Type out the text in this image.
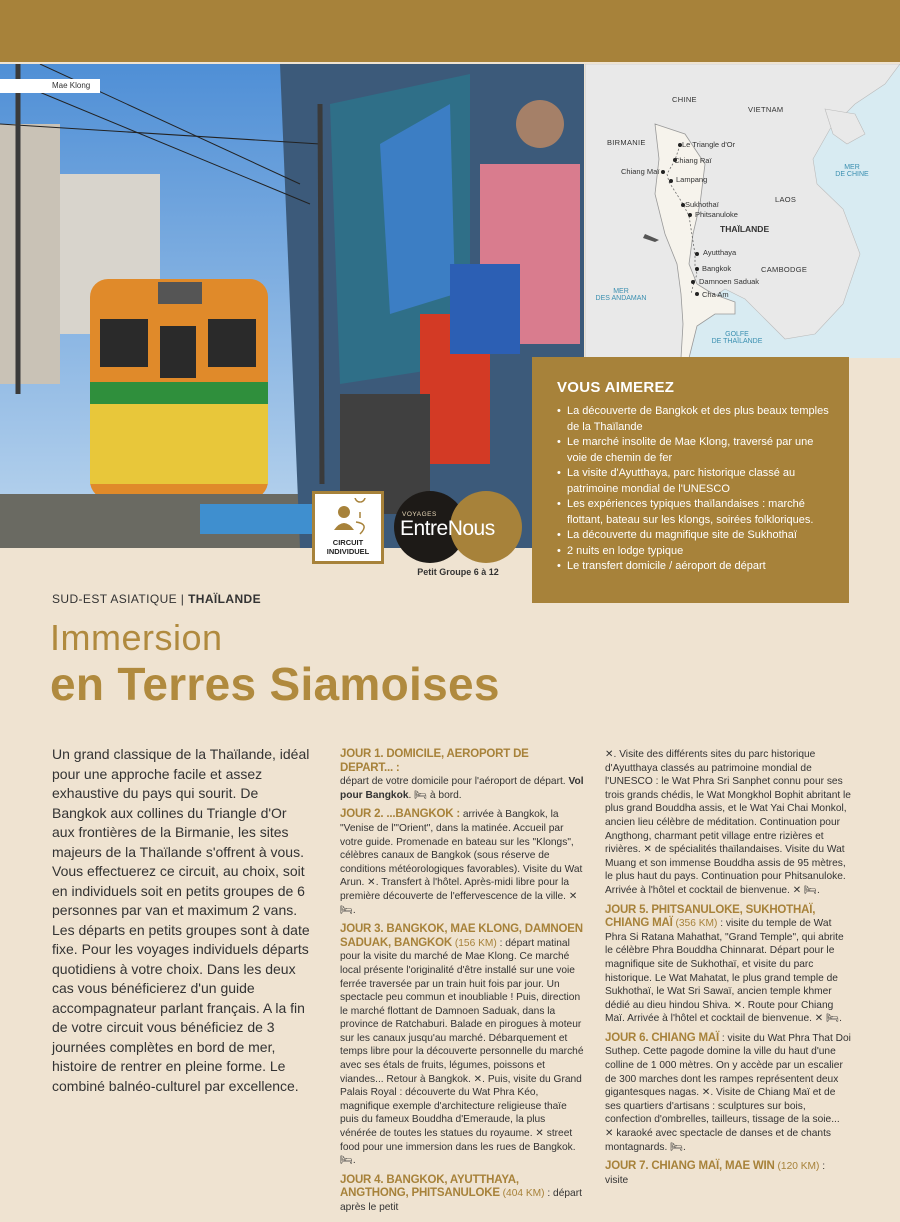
Mae Klong
CHINE
VIETNAM
BIRMANIE
LAOS
THAÏLANDE
CAMBODGE
MER
DE CHINE
MER
DES ANDAMAN
GOLFE
DE THAÏLANDE
Le Triangle d'Or
Chiang Raï
Chiang Maï
Lampang
Sukhothaï
Phitsanuloke
Ayutthaya
Bangkok
Damnoen Saduak
Cha Am
VOUS AIMEREZ
• La découverte de Bangkok et des plus beaux temples de la Thaïlande
• Le marché insolite de Mae Klong, traversé par une voie de chemin de fer
• La visite d'Ayutthaya, parc historique classé au patrimoine mondial de l'UNESCO
• Les expériences typiques thaïlandaises : marché flottant, bateau sur les klongs, soirées folkloriques.
• La découverte du magnifique site de Sukhothaï
• 2 nuits en lodge typique
• Le transfert domicile / aéroport de départ
CIRCUIT
INDIVIDUEL
VOYAGES
EntreNous
Petit Groupe 6 à 12
SUD-EST ASIATIQUE | THAÏLANDE
Immersion
en Terres Siamoises
Un grand classique de la Thaïlande, idéal pour une approche facile et assez exhaustive du pays qui sourit. De Bangkok aux collines du Triangle d'Or aux frontières de la Birmanie, les sites majeurs de la Thaïlande s'offrent à vous. Vous effectuerez ce circuit, au choix, soit en individuels soit en petits groupes de 6 personnes par van et maximum 2 vans. Les départs en petits groupes sont à date fixe. Pour les voyages individuels départs quotidiens à votre choix. Dans les deux cas vous bénéficierez d'un guide accompagnateur parlant français. A la fin de votre circuit vous bénéficiez de 3 journées complètes en bord de mer, histoire de rentrer en pleine forme. Le combiné balnéo-culturel par excellence.

JOUR 1. DOMICILE, AEROPORT DE DEPART... :
départ de votre domicile pour l'aéroport de départ. Vol pour Bangkok. 🛏 à bord.

JOUR 2. ...BANGKOK : arrivée à Bangkok, la "Venise de l'"Orient", dans la matinée. Accueil par votre guide. Promenade en bateau sur les "Klongs", célèbres canaux de Bangkok (sous réserve de conditions météorologiques favorables). Visite du Wat Arun. ✕. Transfert à l'hôtel. Après-midi libre pour la première découverte de l'effervescence de la ville. ✕ 🛏.

JOUR 3. BANGKOK, MAE KLONG, DAMNOEN SADUAK, BANGKOK (156 KM) : départ matinal pour la visite du marché de Mae Klong. Ce marché local présente l'originalité d'être installé sur une voie ferrée traversée par un train huit fois par jour. Un spectacle peu commun et inoubliable ! Puis, direction le marché flottant de Damnoen Saduak, dans la province de Ratchaburi. Balade en pirogues à moteur sur les canaux jusqu'au marché. Débarquement et temps libre pour la découverte personnelle du marché avec ses étals de fruits, légumes, poissons et viandes... Retour à Bangkok. ✕. Puis, visite du Grand Palais Royal : découverte du Wat Phra Kéo, magnifique exemple d'architecture religieuse thaïe puis du fameux Bouddha d'Emeraude, la plus vénérée de toutes les statues du royaume. ✕ street food pour une immersion dans les rues de Bangkok. 🛏.

JOUR 4. BANGKOK, AYUTTHAYA, ANGTHONG, PHITSANULOKE (404 KM) : départ après le petit

✕. Visite des différents sites du parc historique d'Ayutthaya classés au patrimoine mondial de l'UNESCO : le Wat Phra Sri Sanphet connu pour ses trois grands chédis, le Wat Mongkhol Bophit abritant le plus grand Bouddha assis, et le Wat Yai Chai Monkol, ancien lieu célèbre de méditation. Continuation pour Angthong, charmant petit village entre rizières et rivières. ✕ de spécialités thaïlandaises. Visite du Wat Muang et son immense Bouddha assis de 95 mètres, le plus haut du pays. Continuation pour Phitsanuloke. Arrivée à l'hôtel et cocktail de bienvenue. ✕ 🛏.

JOUR 5. PHITSANULOKE, SUKHOTHAÏ, CHIANG MAÏ (356 KM) : visite du temple de Wat Phra Si Ratana Mahathat, "Grand Temple", qui abrite le célèbre Phra Bouddha Chinnarat. Départ pour le magnifique site de Sukhothaï, et visite du parc historique. Le Wat Mahatat, le plus grand temple de Sukhothaï, le Wat Sri Sawaï, ancien temple khmer dédié au dieu hindou Shiva. ✕. Route pour Chiang Maï. Arrivée à l'hôtel et cocktail de bienvenue. ✕ 🛏.

JOUR 6. CHIANG MAÏ : visite du Wat Phra That Doi Suthep. Cette pagode domine la ville du haut d'une colline de 1 000 mètres. On y accède par un escalier de 300 marches dont les rampes représentent deux gigantesques nagas. ✕. Visite de Chiang Maï et de ses quartiers d'artisans : sculptures sur bois, confection d'ombrelles, tailleurs, tissage de la soie... ✕ karaoké avec spectacle de danses et de chants montagnards. 🛏.

JOUR 7. CHIANG MAÏ, MAE WIN (120 KM) : visite
